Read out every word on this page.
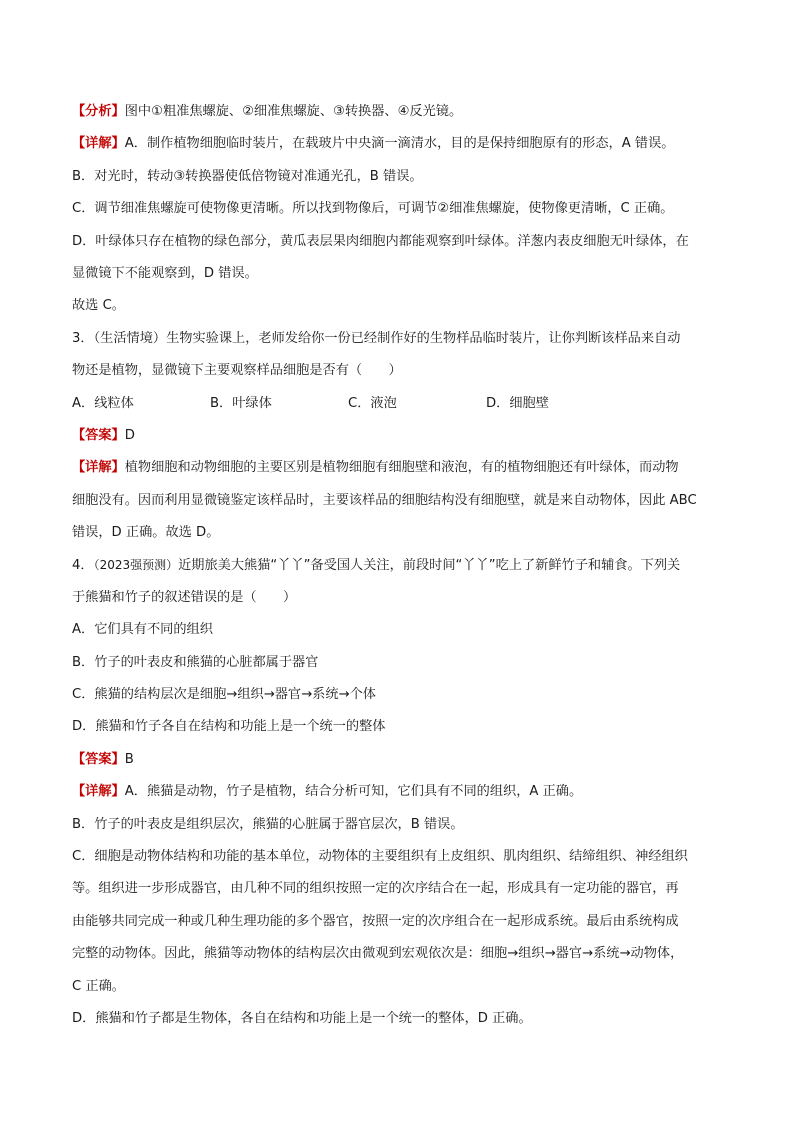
【分析】图中①粗准焦螺旋、②细准焦螺旋、③转换器、④反光镜。
【详解】A．制作植物细胞临时装片，在载玻片中央滴一滴清水，目的是保持细胞原有的形态，A 错误。
B．对光时，转动③转换器使低倍物镜对准通光孔，B 错误。
C．调节细准焦螺旋可使物像更清晰。所以找到物像后，可调节②细准焦螺旋，使物像更清晰，C 正确。
D．叶绿体只存在植物的绿色部分，黄瓜表层果肉细胞内都能观察到叶绿体。洋葱内表皮细胞无叶绿体，在
显微镜下不能观察到，D 错误。
故选 C。
3．（生活情境）生物实验课上，老师发给你一份已经制作好的生物样品临时装片，让你判断该样品来自动
物还是植物，显微镜下主要观察样品细胞是否有（　　）
A．线粒体	B．叶绿体	C．液泡	D．细胞壁
【答案】D
【详解】植物细胞和动物细胞的主要区别是植物细胞有细胞壁和液泡，有的植物细胞还有叶绿体，而动物
细胞没有。因而利用显微镜鉴定该样品时，主要该样品的细胞结构没有细胞壁，就是来自动物体，因此 ABC
错误，D 正确。故选 D。
4．（2023强预测）近期旅美大熊猫“丫丫”备受国人关注，前段时间“丫丫”吃上了新鲜竹子和辅食。下列关
于熊猫和竹子的叙述错误的是（　　）
A．它们具有不同的组织
B．竹子的叶表皮和熊猫的心脏都属于器官
C．熊猫的结构层次是细胞→组织→器官→系统→个体
D．熊猫和竹子各自在结构和功能上是一个统一的整体
【答案】B
【详解】A．熊猫是动物，竹子是植物，结合分析可知，它们具有不同的组织，A 正确。
B．竹子的叶表皮是组织层次，熊猫的心脏属于器官层次，B 错误。
C．细胞是动物体结构和功能的基本单位，动物体的主要组织有上皮组织、肌肉组织、结缔组织、神经组织
等。组织进一步形成器官，由几种不同的组织按照一定的次序结合在一起，形成具有一定功能的器官，再
由能够共同完成一种或几种生理功能的多个器官，按照一定的次序组合在一起形成系统。最后由系统构成
完整的动物体。因此，熊猫等动物体的结构层次由微观到宏观依次是：细胞→组织→器官→系统→动物体，
C 正确。
D．熊猫和竹子都是生物体，各自在结构和功能上是一个统一的整体，D 正确。
